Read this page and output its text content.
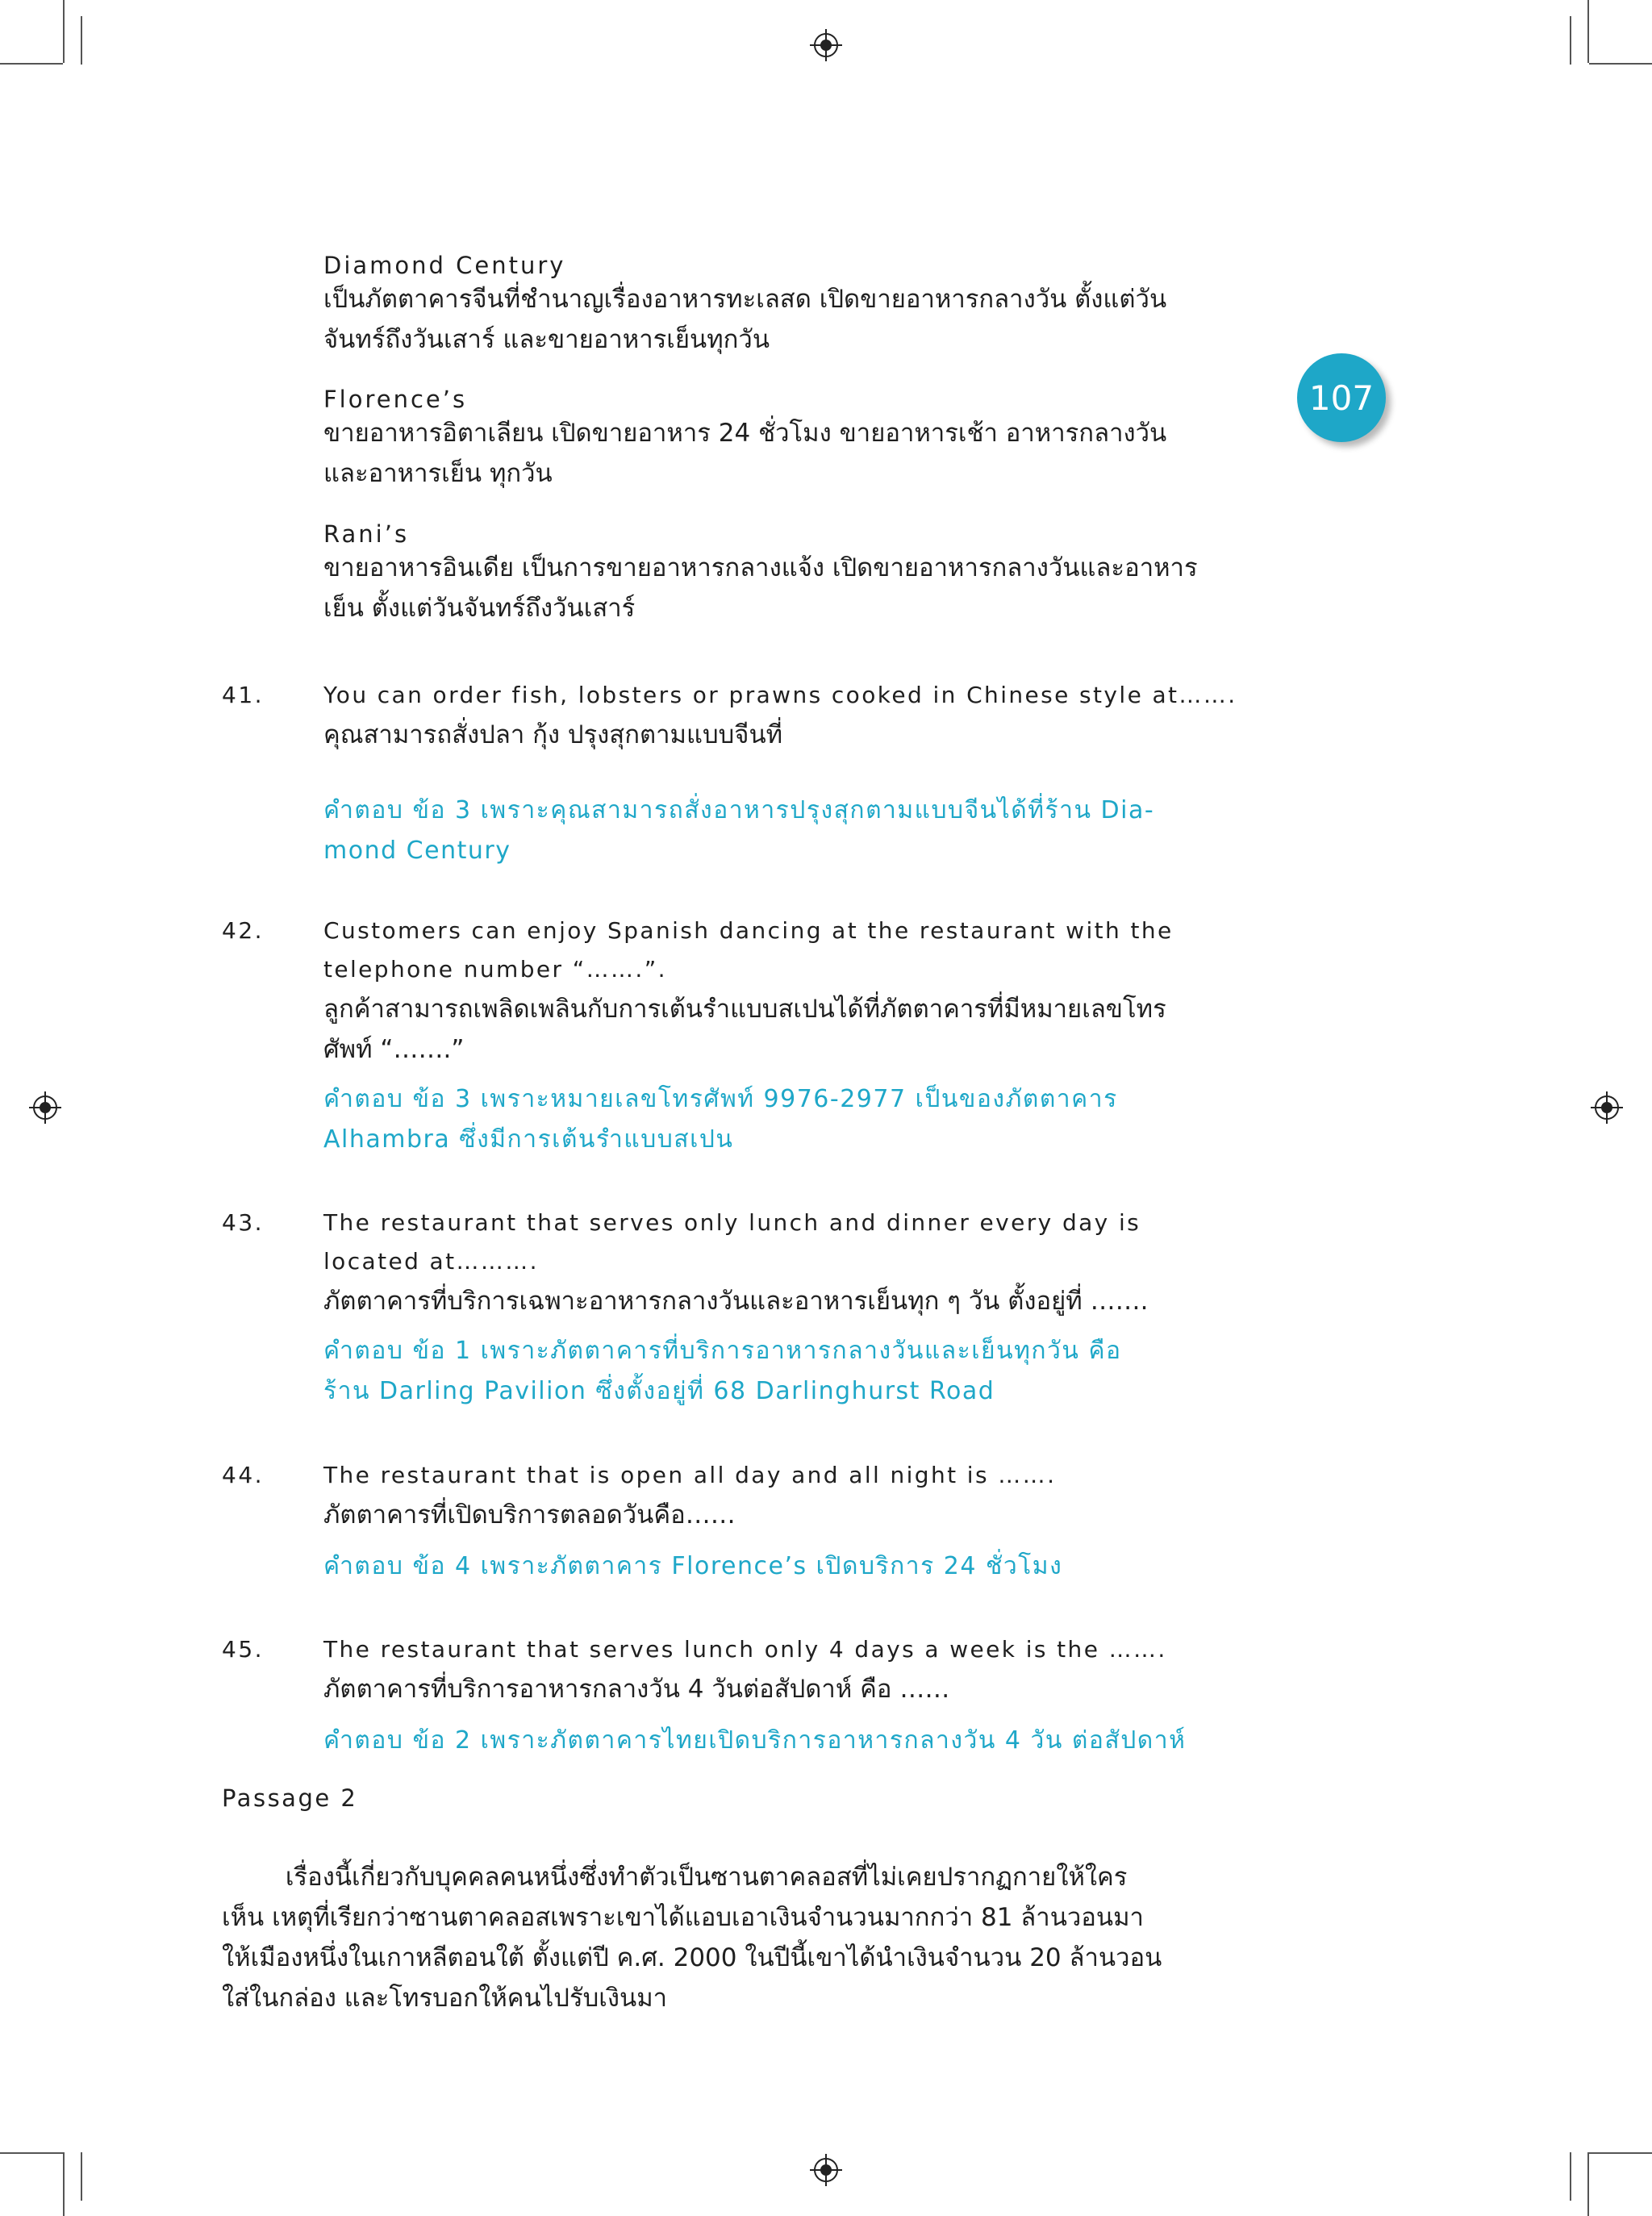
107
Diamond Century
เป็นภัตตาคารจีนที่ชำนาญเรื่องอาหารทะเลสด เปิดขายอาหารกลางวัน ตั้งแต่วัน
จันทร์ถึงวันเสาร์ และขายอาหารเย็นทุกวัน
Florence’s
ขายอาหารอิตาเลียน เปิดขายอาหาร 24 ชั่วโมง ขายอาหารเช้า อาหารกลางวัน
และอาหารเย็น ทุกวัน
Rani’s
ขายอาหารอินเดีย เป็นการขายอาหารกลางแจ้ง เปิดขายอาหารกลางวันและอาหาร
เย็น ตั้งแต่วันจันทร์ถึงวันเสาร์
41.	You can order fish, lobsters or prawns cooked in Chinese style at…….
คุณสามารถสั่งปลา กุ้ง ปรุงสุกตามแบบจีนที่
คำตอบ ข้อ 3 เพราะคุณสามารถสั่งอาหารปรุงสุกตามแบบจีนได้ที่ร้าน Dia-
mond Century
42.	Customers can enjoy Spanish dancing at the restaurant with the
telephone number “…….”.
ลูกค้าสามารถเพลิดเพลินกับการเต้นรำแบบสเปนได้ที่ภัตตาคารที่มีหมายเลขโทร
ศัพท์ “…….”
คำตอบ ข้อ 3 เพราะหมายเลขโทรศัพท์ 9976-2977 เป็นของภัตตาคาร
Alhambra ซึ่งมีการเต้นรำแบบสเปน
43.	The restaurant that serves only lunch and dinner every day is
located at……….
ภัตตาคารที่บริการเฉพาะอาหารกลางวันและอาหารเย็นทุก ๆ วัน ตั้งอยู่ที่ …….
คำตอบ ข้อ 1 เพราะภัตตาคารที่บริการอาหารกลางวันและเย็นทุกวัน คือ
ร้าน Darling Pavilion ซึ่งตั้งอยู่ที่ 68 Darlinghurst Road
44.	The restaurant that is open all day and all night is …….
ภัตตาคารที่เปิดบริการตลอดวันคือ……
คำตอบ ข้อ 4 เพราะภัตตาคาร Florence’s เปิดบริการ 24 ชั่วโมง
45.	The restaurant that serves lunch only 4 days a week is the …….
ภัตตาคารที่บริการอาหารกลางวัน 4 วันต่อสัปดาห์ คือ ……
คำตอบ ข้อ 2 เพราะภัตตาคารไทยเปิดบริการอาหารกลางวัน 4 วัน ต่อสัปดาห์
Passage 2
เรื่องนี้เกี่ยวกับบุคคลคนหนึ่งซึ่งทำตัวเป็นซานตาคลอสที่ไม่เคยปรากฏกายให้ใคร
เห็น เหตุที่เรียกว่าซานตาคลอสเพราะเขาได้แอบเอาเงินจำนวนมากกว่า 81 ล้านวอนมา
ให้เมืองหนึ่งในเกาหลีตอนใต้ ตั้งแต่ปี ค.ศ. 2000 ในปีนี้เขาได้นำเงินจำนวน 20 ล้านวอน
ใส่ในกล่อง และโทรบอกให้คนไปรับเงินมา
